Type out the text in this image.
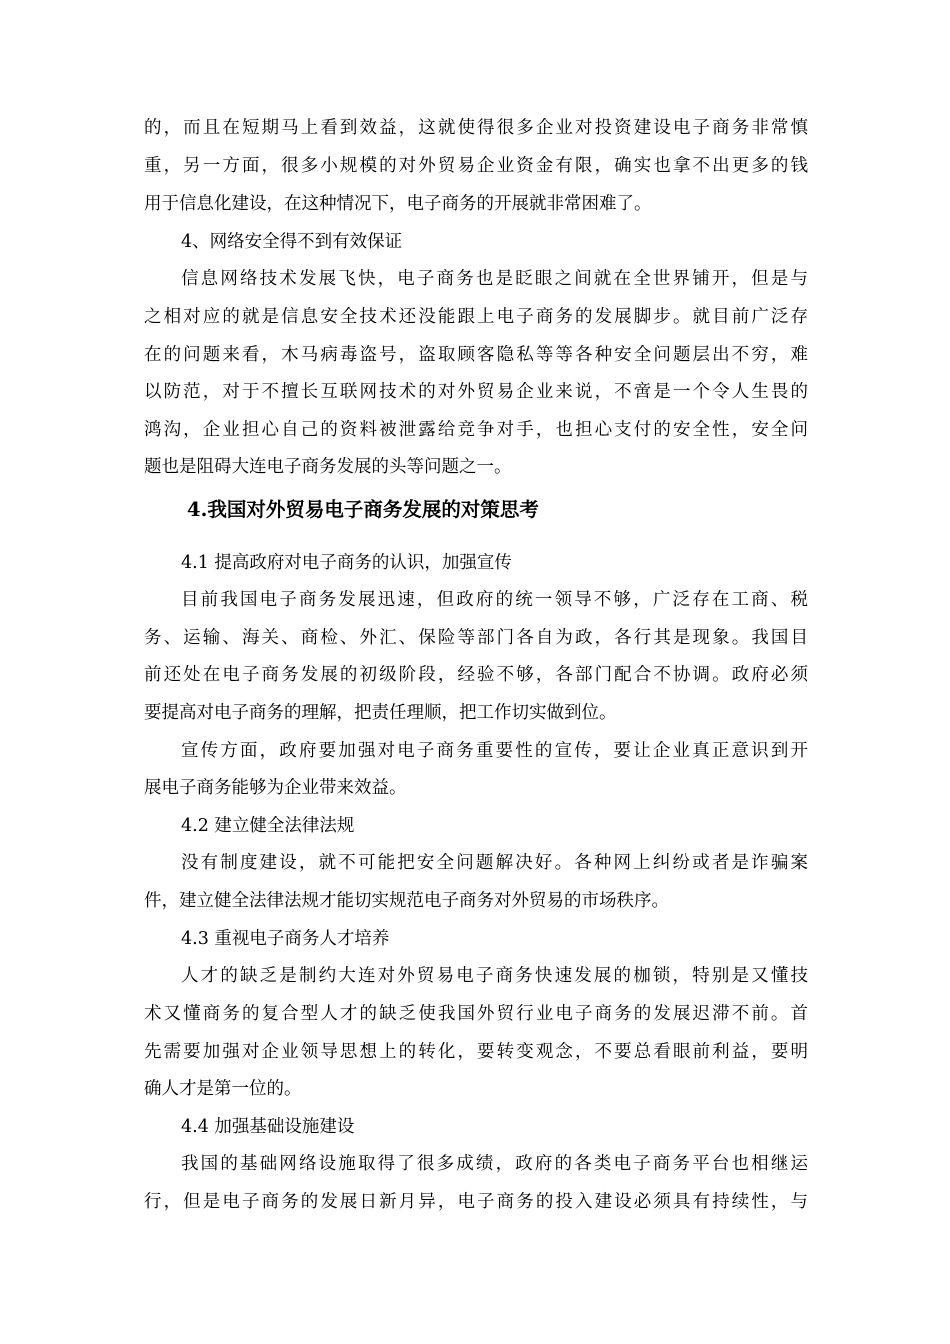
的，而且在短期马上看到效益，这就使得很多企业对投资建设电子商务非常慎
重，另一方面，很多小规模的对外贸易企业资金有限，确实也拿不出更多的钱
用于信息化建设，在这种情况下，电子商务的开展就非常困难了。
4、网络安全得不到有效保证
信息网络技术发展飞快，电子商务也是眨眼之间就在全世界铺开，但是与
之相对应的就是信息安全技术还没能跟上电子商务的发展脚步。就目前广泛存
在的问题来看，木马病毒盗号，盗取顾客隐私等等各种安全问题层出不穷，难
以防范，对于不擅长互联网技术的对外贸易企业来说，不啻是一个令人生畏的
鸿沟，企业担心自己的资料被泄露给竞争对手，也担心支付的安全性，安全问
题也是阻碍大连电子商务发展的头等问题之一。
4.我国对外贸易电子商务发展的对策思考
4.1 提高政府对电子商务的认识，加强宣传
目前我国电子商务发展迅速，但政府的统一领导不够，广泛存在工商、税
务、运输、海关、商检、外汇、保险等部门各自为政，各行其是现象。我国目
前还处在电子商务发展的初级阶段，经验不够，各部门配合不协调。政府必须
要提高对电子商务的理解，把责任理顺，把工作切实做到位。
宣传方面，政府要加强对电子商务重要性的宣传，要让企业真正意识到开
展电子商务能够为企业带来效益。
4.2 建立健全法律法规
没有制度建设，就不可能把安全问题解决好。各种网上纠纷或者是诈骗案
件，建立健全法律法规才能切实规范电子商务对外贸易的市场秩序。
4.3 重视电子商务人才培养
人才的缺乏是制约大连对外贸易电子商务快速发展的枷锁，特别是又懂技
术又懂商务的复合型人才的缺乏使我国外贸行业电子商务的发展迟滞不前。首
先需要加强对企业领导思想上的转化，要转变观念，不要总看眼前利益，要明
确人才是第一位的。
4.4 加强基础设施建设
我国的基础网络设施取得了很多成绩，政府的各类电子商务平台也相继运
行，但是电子商务的发展日新月异，电子商务的投入建设必须具有持续性，与
